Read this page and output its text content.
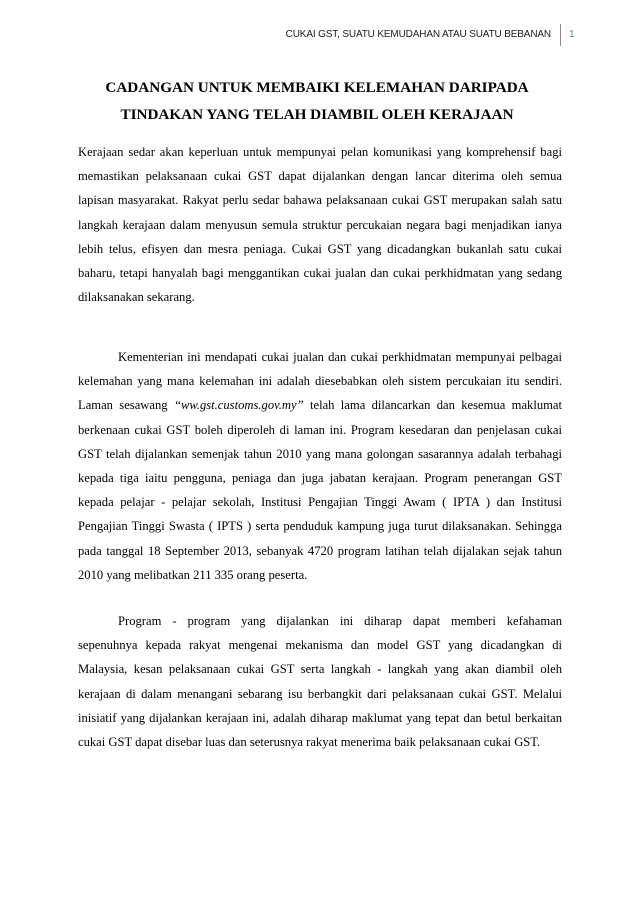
CUKAI GST, SUATU KEMUDAHAN ATAU SUATU BEBANAN 1
CADANGAN UNTUK MEMBAIKI KELEMAHAN DARIPADA
TINDAKAN YANG TELAH DIAMBIL OLEH KERAJAAN
Kerajaan sedar akan keperluan untuk mempunyai pelan komunikasi yang komprehensif bagi
memastikan pelaksanaan cukai GST dapat dijalankan dengan lancar diterima oleh semua
lapisan masyarakat. Rakyat perlu sedar bahawa pelaksanaan cukai GST merupakan salah satu
langkah kerajaan dalam menyusun semula struktur percukaian negara bagi menjadikan ianya
lebih telus, efisyen dan mesra peniaga. Cukai GST yang dicadangkan bukanlah satu cukai
baharu, tetapi hanyalah bagi menggantikan cukai jualan dan cukai perkhidmatan yang sedang
dilaksanakan sekarang.
Kementerian ini mendapati cukai jualan dan cukai perkhidmatan mempunyai pelbagai
kelemahan yang mana kelemahan ini adalah diesebabkan oleh sistem percukaian itu sendiri.
Laman sesawang “ww.gst.customs.gov.my” telah lama dilancarkan dan kesemua maklumat
berkenaan cukai GST boleh diperoleh di laman ini. Program kesedaran dan penjelasan cukai
GST telah dijalankan semenjak tahun 2010 yang mana golongan sasarannya adalah terbahagi
kepada tiga iaitu pengguna, peniaga dan juga jabatan kerajaan. Program penerangan GST
kepada pelajar - pelajar sekolah, Institusi Pengajian Tinggi Awam ( IPTA ) dan Institusi
Pengajian Tinggi Swasta ( IPTS ) serta penduduk kampung juga turut dilaksanakan. Sehingga
pada tanggal 18 September 2013, sebanyak 4720 program latihan telah dijalakan sejak tahun
2010 yang melibatkan 211 335 orang peserta.
Program - program yang dijalankan ini diharap dapat memberi kefahaman
sepenuhnya kepada rakyat mengenai mekanisma dan model GST yang dicadangkan di
Malaysia, kesan pelaksanaan cukai GST serta langkah - langkah yang akan diambil oleh
kerajaan di dalam menangani sebarang isu berbangkit dari pelaksanaan cukai GST. Melalui
inisiatif yang dijalankan kerajaan ini, adalah diharap maklumat yang tepat dan betul berkaitan
cukai GST dapat disebar luas dan seterusnya rakyat menerima baik pelaksanaan cukai GST.
